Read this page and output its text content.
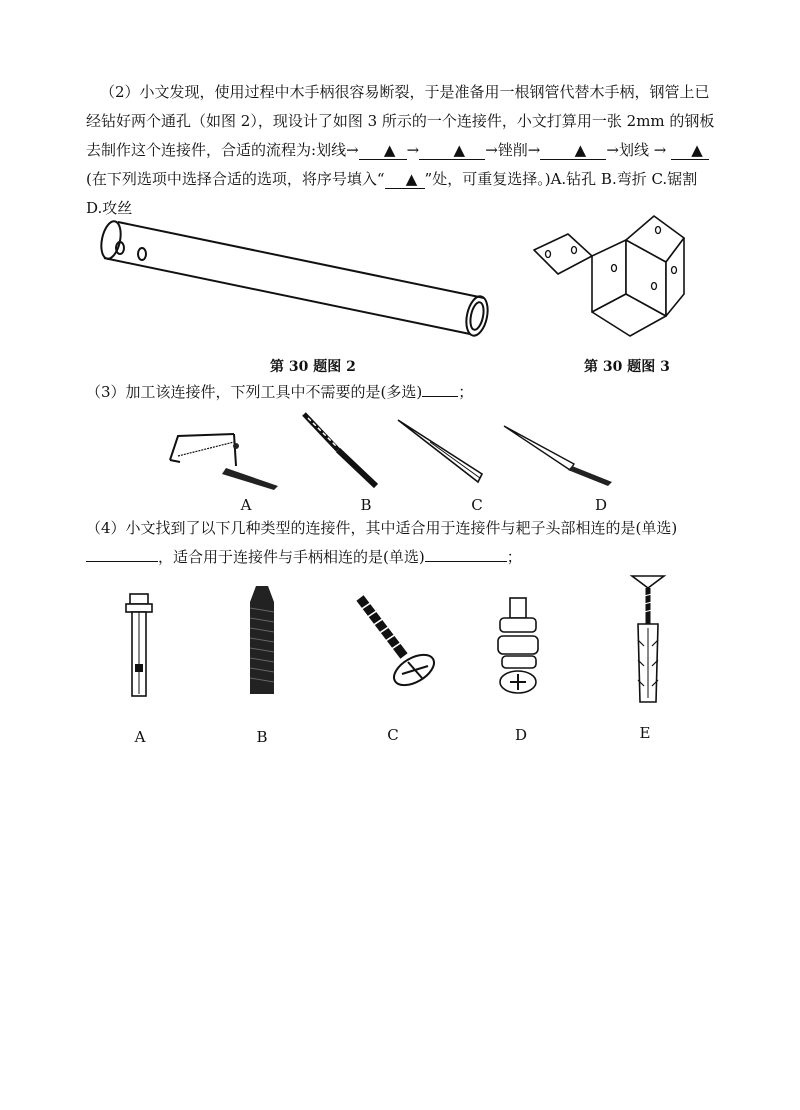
（2）小文发现，使用过程中木手柄很容易断裂，于是准备用一根钢管代替木手柄，钢管上已经钻好两个通孔（如图 2），现设计了如图 3 所示的一个连接件，小文打算用一张 2mm 的钢板去制作这个连接件，合适的流程为:划线→ ▲ → ▲ →锉削→ ▲ →划线 → ▲(在下列选项中选择合适的选项，将序号填入“ ▲ ”处，可重复选择。)A.钻孔 B.弯折 C.锯割 D.攻丝
第 30 题图 2	第 30 题图 3
（3）加工该连接件，下列工具中不需要的是(多选) ；
A	B	C	D
（4）小文找到了以下几种类型的连接件，其中适合用于连接件与耙子头部相连的是(单选)，适合用于连接件与手柄相连的是(单选)	；
A	B	C	D	E
